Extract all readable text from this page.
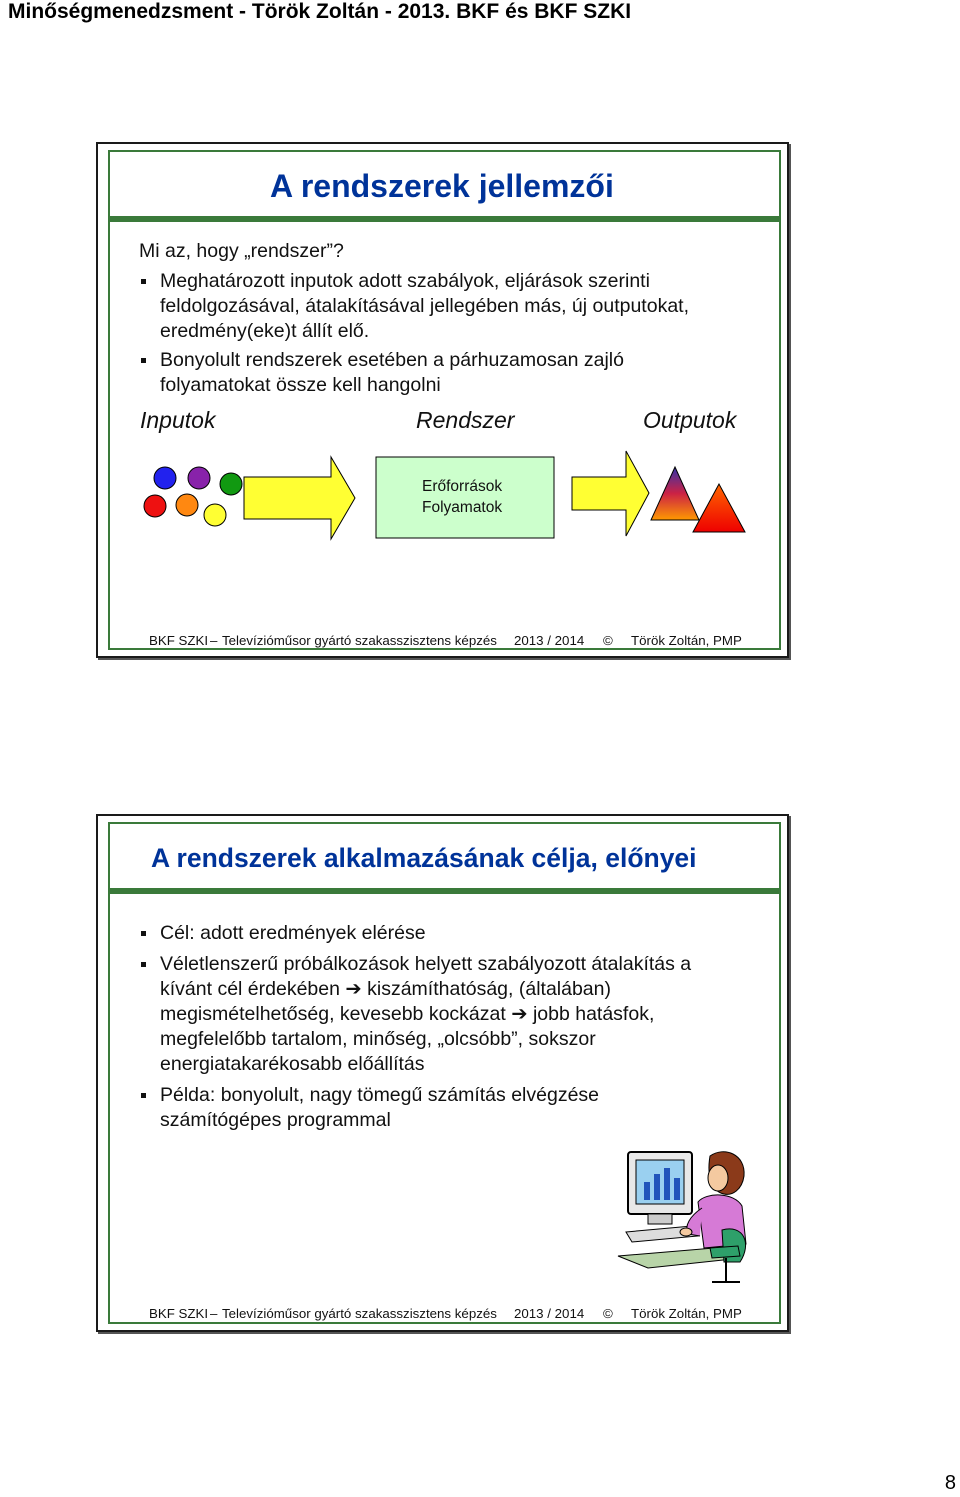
Minőségmenedzsment - Török Zoltán - 2013. BKF és BKF SZKI
A rendszerek jellemzői
Mi az, hogy „rendszer”?
Meghatározott inputok adott szabályok, eljárások szerinti
feldolgozásával, átalakításával jellegében más, új outputokat,
eredmény(eke)t állít elő.
Bonyolult rendszerek esetében a párhuzamosan zajló
folyamatokat össze kell hangolni
Inputok	Rendszer	Outputok
Erőforrások
Folyamatok
BKF SZKI – Televízióműsor gyártó szakasszisztens képzés 2013 / 2014 © Török Zoltán, PMP
A rendszerek alkalmazásának célja, előnyei
Cél: adott eredmények elérése
Véletlenszerű próbálkozások helyett szabályozott átalakítás a
kívánt cél érdekében ➔ kiszámíthatóság, (általában)
megismételhetőség, kevesebb kockázat ➔ jobb hatásfok,
megfelelőbb tartalom, minőség, „olcsóbb”, sokszor
energiatakarékosabb előállítás
Példa: bonyolult, nagy tömegű számítás elvégzése
számítógépes programmal
BKF SZKI – Televízióműsor gyártó szakasszisztens képzés 2013 / 2014 © Török Zoltán, PMP
8
